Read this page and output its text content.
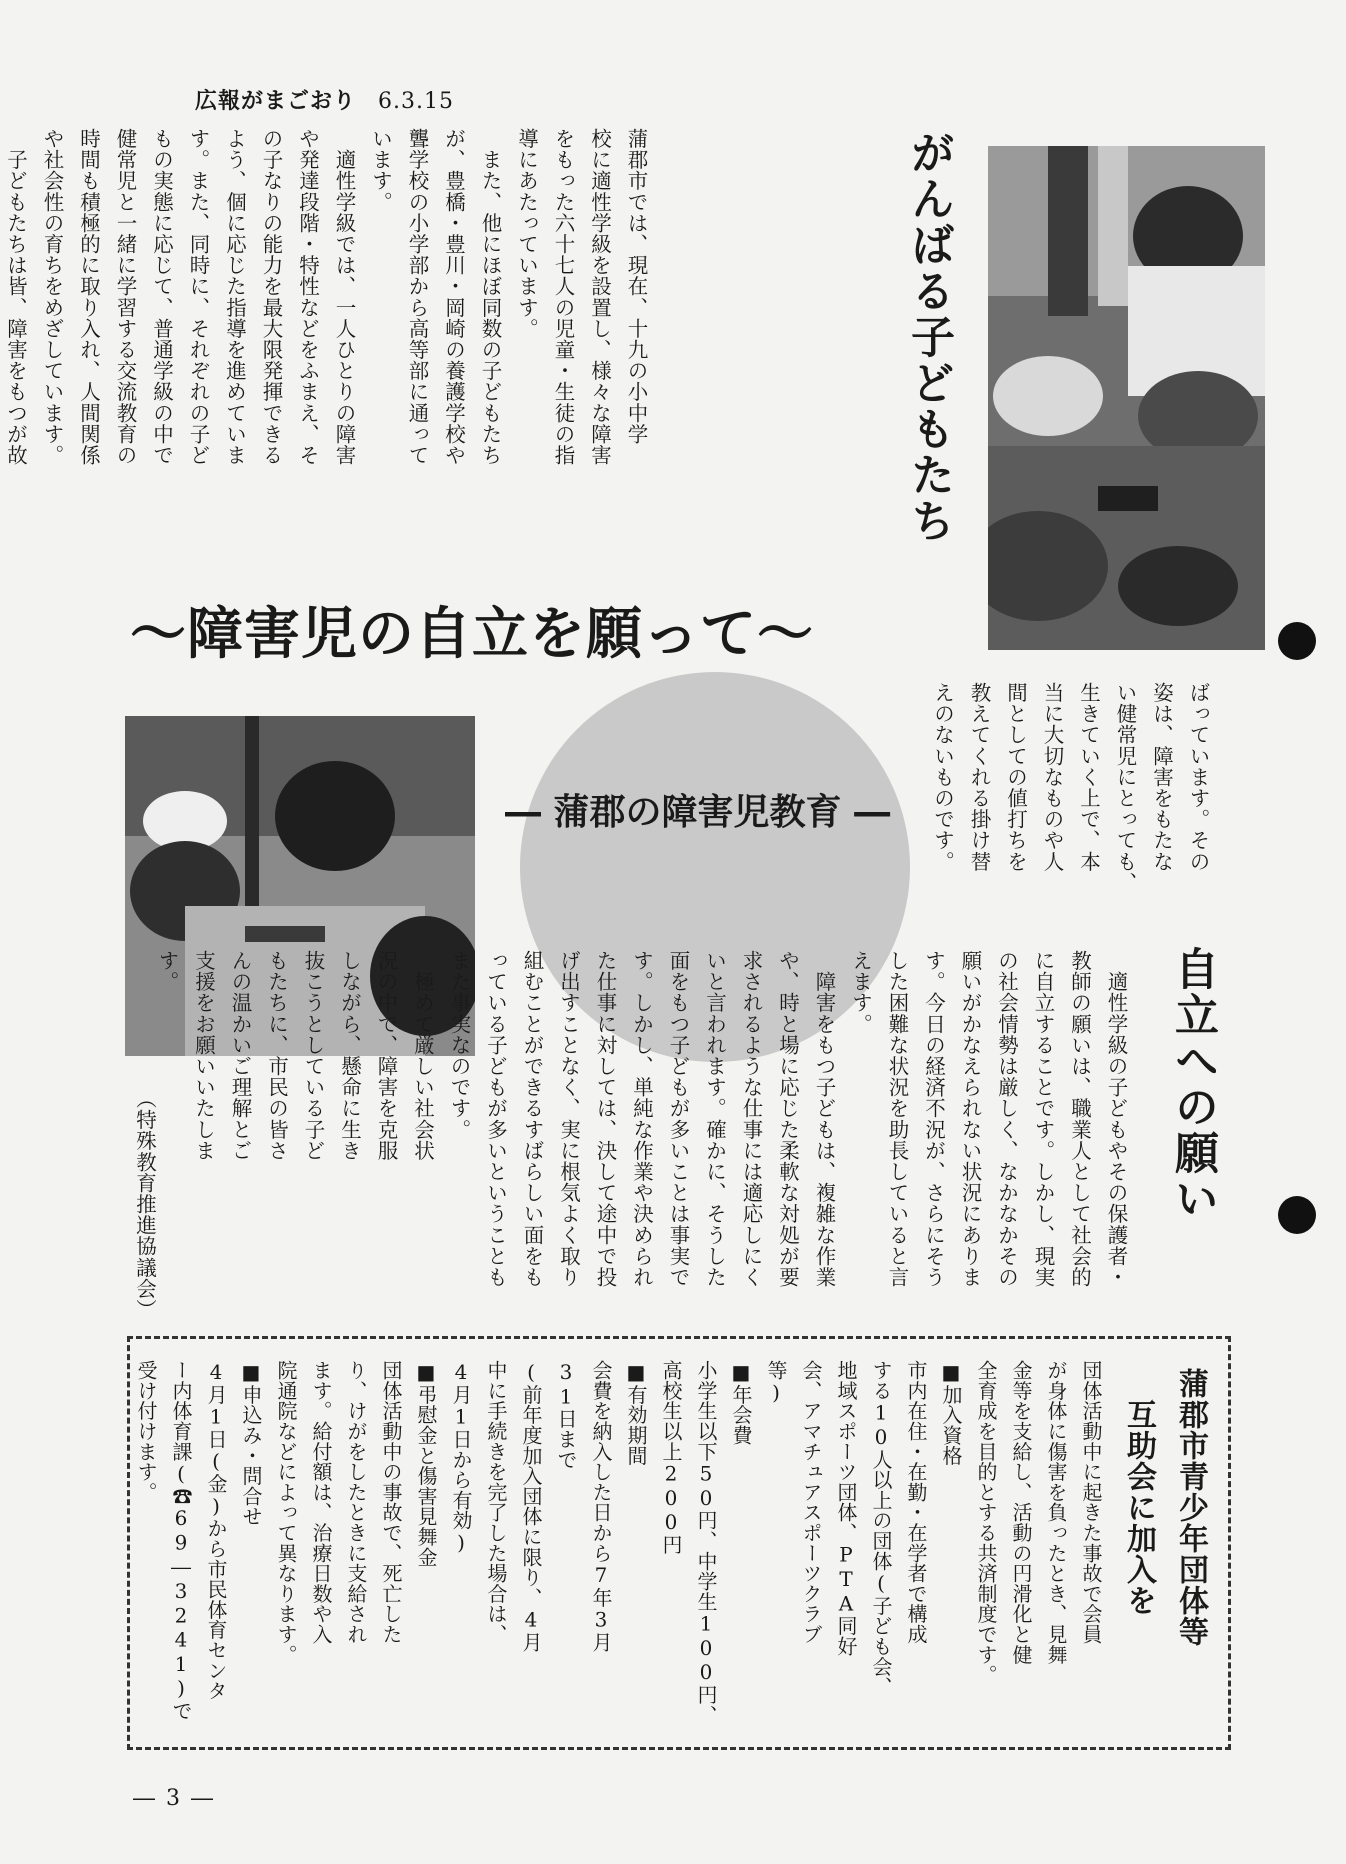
広報がまごおり 6.3.15

蒲郡市では、現在、十九の小中学
校に適性学級を設置し、様々な障害
をもった六十七人の児童・生徒の指
導にあたっています。
　また、他にほぼ同数の子どもたち
が、豊橋・豊川・岡崎の養護学校や
聾学校の小学部から高等部に通って
います。
　適性学級では、一人ひとりの障害
や発達段階・特性などをふまえ、そ
の子なりの能力を最大限発揮できる
よう、個に応じた指導を進めていま
す。また、同時に、それぞれの子ど
もの実態に応じて、普通学級の中で
健常児と一緒に学習する交流教育の
時間も積極的に取り入れ、人間関係
や社会性の育ちをめざしています。
　子どもたちは皆、障害をもつが故	がんばる子どもたち
〜障害児の自立を願って〜
― 蒲郡の障害児教育 ―	ばっています。その
姿は、障害をもたな
い健常児にとっても、
生きていく上で、本
当に大切なものや人
間としての値打ちを
教えてくれる掛け替
えのないものです。

自立への願い

　適性学級の子どもやその保護者・
教師の願いは、職業人として社会的
に自立することです。しかし、現実
の社会情勢は厳しく、なかなかその
願いがかなえられない状況にありま
す。今日の経済不況が、さらにそう
した困難な状況を助長していると言
えます。
　障害をもつ子どもは、複雑な作業
や、時と場に応じた柔軟な対処が要
求されるような仕事には適応しにく
いと言われます。確かに、そうした
面をもつ子どもが多いことは事実で
す。しかし、単純な作業や決められ
た仕事に対しては、決して途中で投
げ出すことなく、実に根気よく取り
組むことができるすばらしい面をも
っている子どもが多いということも
また事実なのです。
　極めて厳しい社会状
況の中で、障害を克服
しながら、懸命に生き
抜こうとしている子ど
もたちに、市民の皆さ
んの温かいご理解とご
支援をお願いいたしま
す。

（特殊教育推進協議会）
蒲郡市青少年団体等
　互助会に加入を

団体活動中に起きた事故で会員
が身体に傷害を負ったとき、見舞
金等を支給し、活動の円滑化と健
全育成を目的とする共済制度です。
■加入資格
市内在住・在勤・在学者で構成
する10人以上の団体(子ども会、
地域スポーツ団体、PTA同好
会、アマチュアスポーツクラブ
等)
■年会費
小学生以下50円、中学生100円、
高校生以上200円
■有効期間
会費を納入した日から7年3月
31日まで
(前年度加入団体に限り、4月
中に手続きを完了した場合は、
4月1日から有効)
■弔慰金と傷害見舞金
団体活動中の事故で、死亡した
り、けがをしたときに支給され
ます。給付額は、治療日数や入
院通院などによって異なります。
■申込み・問合せ
4月1日(金)から市民体育センタ
ー内体育課(☎69―3241)で
受け付けます。

― 3 ―
